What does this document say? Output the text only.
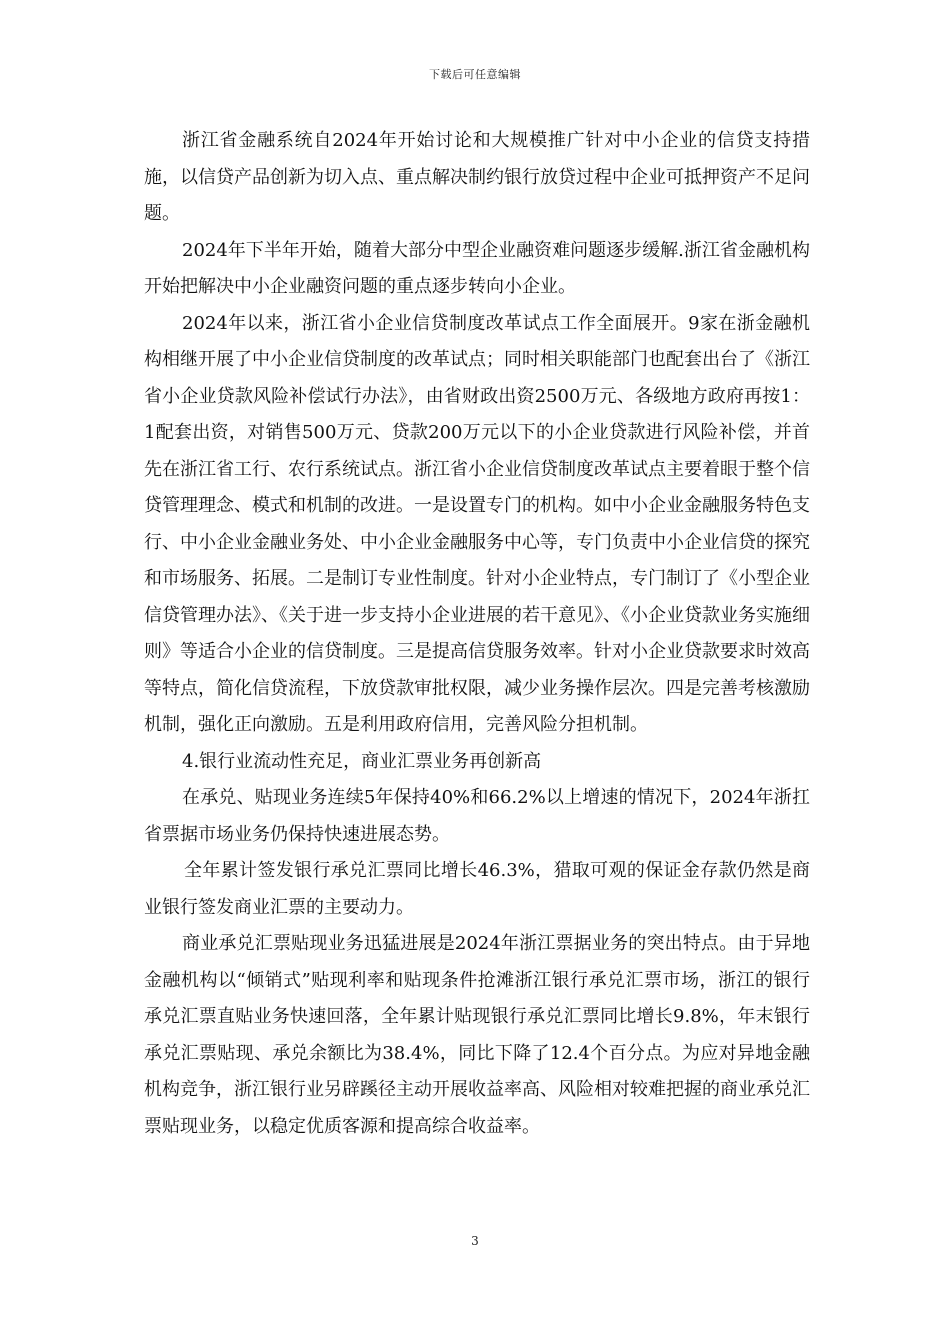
下载后可任意编辑

浙江省金融系统自2024年开始讨论和大规模推广针对中小企业的信贷支持措施，以信贷产品创新为切入点、重点解决制约银行放贷过程中企业可抵押资产不足问题。

2024年下半年开始，随着大部分中型企业融资难问题逐步缓解.浙江省金融机构开始把解决中小企业融资问题的重点逐步转向小企业。

2024年以来，浙江省小企业信贷制度改革试点工作全面展开。9家在浙金融机构相继开展了中小企业信贷制度的改革试点；同时相关职能部门也配套出台了《浙江省小企业贷款风险补偿试行办法》，由省财政出资2500万元、各级地方政府再按1：1配套出资，对销售500万元、贷款200万元以下的小企业贷款进行风险补偿，并首先在浙江省工行、农行系统试点。浙江省小企业信贷制度改革试点主要着眼于整个信贷管理理念、模式和机制的改进。一是设置专门的机构。如中小企业金融服务特色支行、中小企业金融业务处、中小企业金融服务中心等，专门负责中小企业信贷的探究和市场服务、拓展。二是制订专业性制度。针对小企业特点，专门制订了《小型企业信贷管理办法》、《关于进一步支持小企业进展的若干意见》、《小企业贷款业务实施细则》等适合小企业的信贷制度。三是提高信贷服务效率。针对小企业贷款要求时效高等特点，简化信贷流程，下放贷款审批权限，减少业务操作层次。四是完善考核激励机制，强化正向激励。五是利用政府信用，完善风险分担机制。

4.银行业流动性充足，商业汇票业务再创新高

在承兑、贴现业务连续5年保持40%和66.2%以上增速的情况下，2024年浙扛省票据市场业务仍保持快速进展态势。

全年累计签发银行承兑汇票同比增长46.3%，猎取可观的保证金存款仍然是商业银行签发商业汇票的主要动力。

商业承兑汇票贴现业务迅猛进展是2024年浙江票据业务的突出特点。由于异地金融机构以“倾销式”贴现利率和贴现条件抢滩浙江银行承兑汇票市场，浙江的银行承兑汇票直贴业务快速回落，全年累计贴现银行承兑汇票同比增长9.8%，年末银行承兑汇票贴现、承兑余额比为38.4%，同比下降了12.4个百分点。为应对异地金融机构竞争，浙江银行业另辟蹊径主动开展收益率高、风险相对较难把握的商业承兑汇票贴现业务，以稳定优质客源和提高综合收益率。

3
